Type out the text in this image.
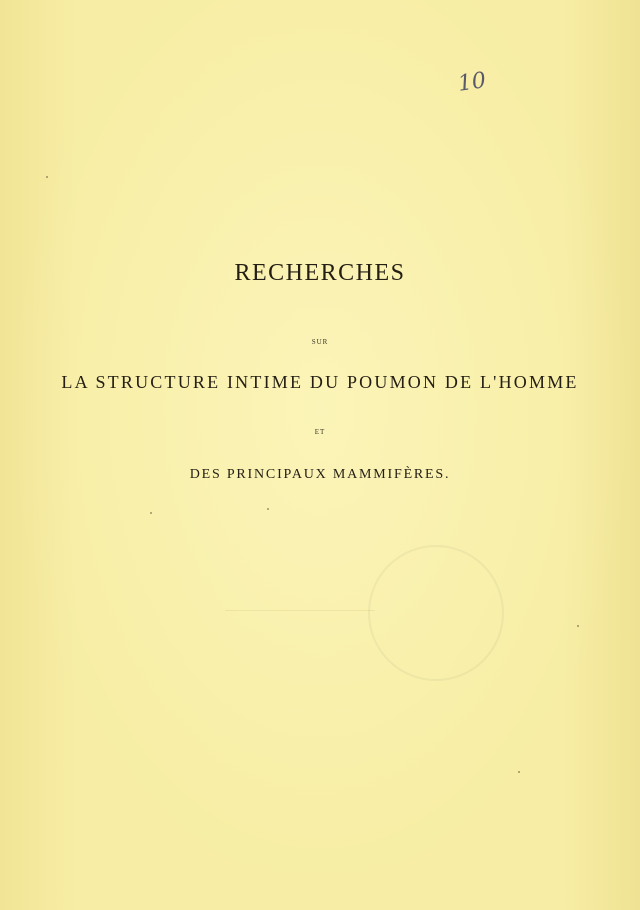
10
RECHERCHES
SUR
LA STRUCTURE INTIME DU POUMON DE L'HOMME
ET
DES PRINCIPAUX MAMMIFÈRES.
